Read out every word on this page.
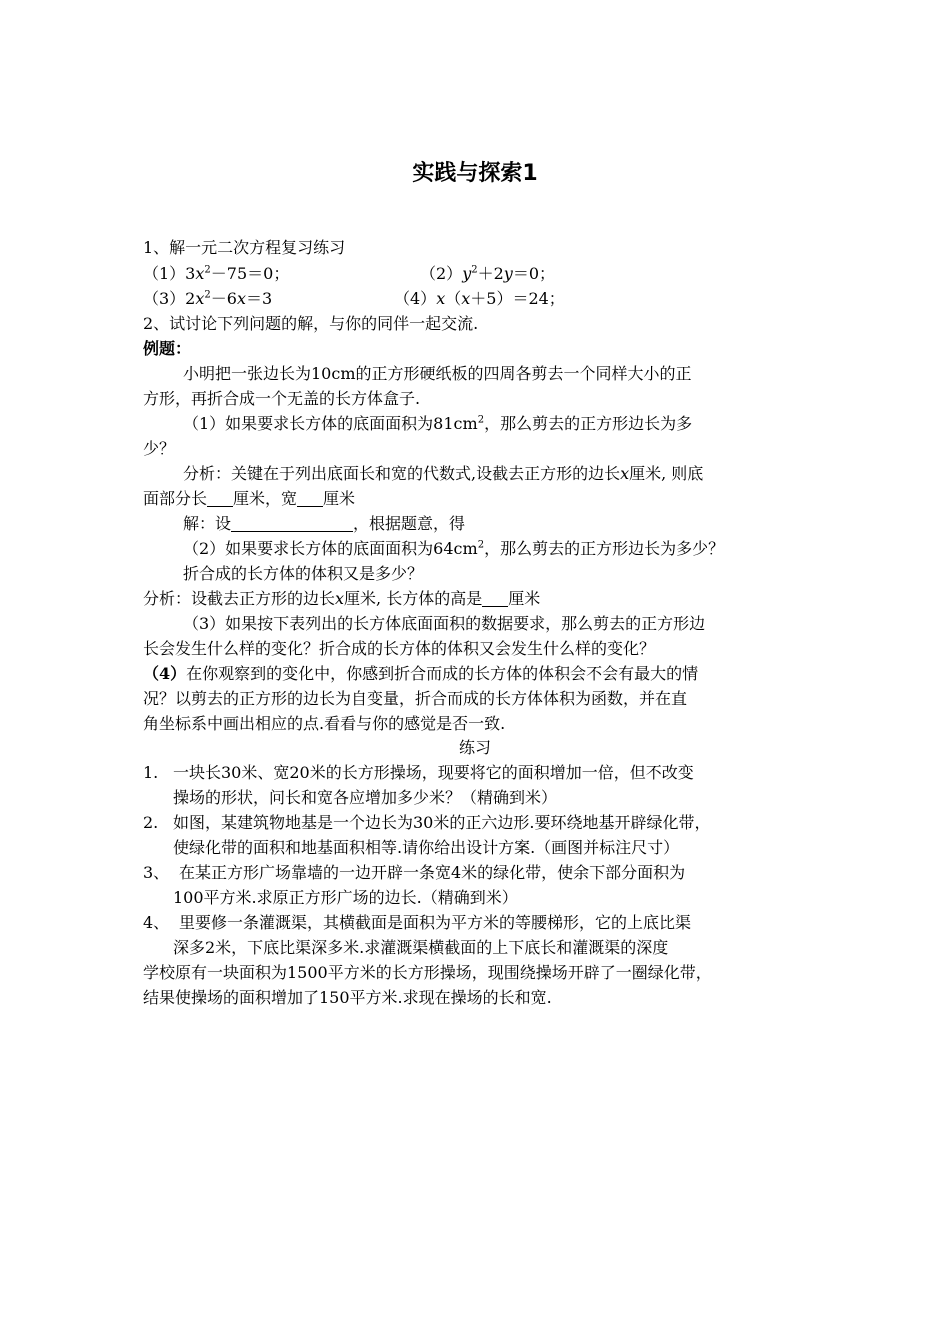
实践与探索1
1、解一元二次方程复习练习
$(1)3x^2-75=0$；	$(2)y^2+2y=0$；
$(3)2x^2-6x=3$	（4）x（x＋5）＝24；
2、试讨论下列问题的解，与你的同伴一起交流.
例题：
小明把一张边长为10cm的正方形硬纸板的四周各剪去一个同样大小的正
方形，再折合成一个无盖的长方体盒子.
（1）如果要求长方体的底面面积为$81cm^2$，那么剪去的正方形边长为多
少？
分析：关键在于列出底面长和宽的代数式,设截去正方形的边长x厘米, 则底
面部分长 厘米，宽 厘米
解：设	，根据题意，得
（2）如果要求长方体的底面面积为$64cm^2$，那么剪去的正方形边长为多少？
折合成的长方体的体积又是多少？
分析：设截去正方形的边长x厘米, 长方体的高是 厘米
（3）如果按下表列出的长方体底面面积的数据要求，那么剪去的正方形边
长会发生什么样的变化？折合成的长方体的体积又会发生什么样的变化？
（4）在你观察到的变化中，你感到折合而成的长方体的体积会不会有最大的情
况？以剪去的正方形的边长为自变量，折合而成的长方体体积为函数，并在直
角坐标系中画出相应的点.看看与你的感觉是否一致.
练习
1. 一块长30米、宽20米的长方形操场，现要将它的面积增加一倍，但不改变
操场的形状，问长和宽各应增加多少米？（精确到米）
2. 如图，某建筑物地基是一个边长为30米的正六边形.要环绕地基开辟绿化带，
使绿化带的面积和地基面积相等.请你给出设计方案.（画图并标注尺寸）
3、 在某正方形广场靠墙的一边开辟一条宽4米的绿化带，使余下部分面积为
100平方米.求原正方形广场的边长.（精确到米）
4、 里要修一条灌溉渠，其横截面是面积为平方米的等腰梯形，它的上底比渠
深多2米，下底比渠深多米.求灌溉渠横截面的上下底长和灌溉渠的深度
学校原有一块面积为1500平方米的长方形操场，现围绕操场开辟了一圈绿化带，
结果使操场的面积增加了150平方米.求现在操场的长和宽.
